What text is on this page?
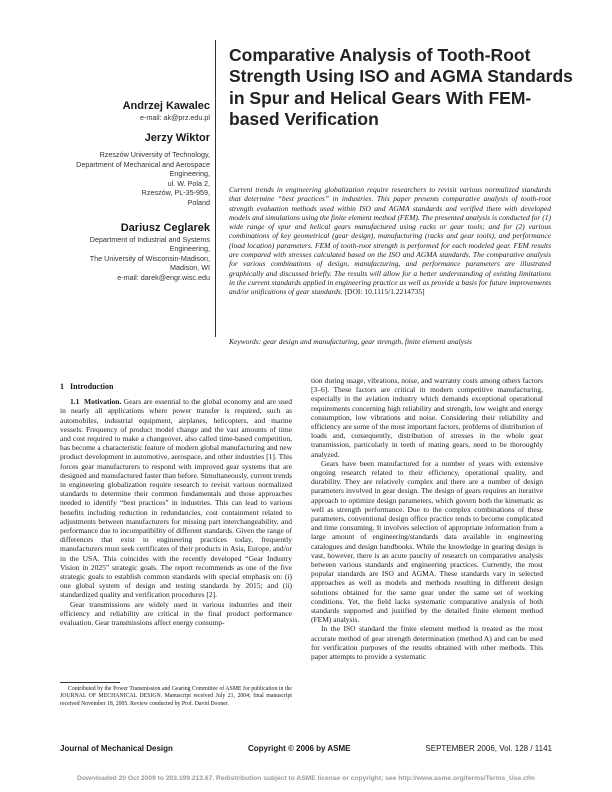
Comparative Analysis of Tooth-Root Strength Using ISO and AGMA Standards in Spur and Helical Gears With FEM-based Verification
Andrzej Kawalec
e-mail: ak@prz.edu.pl
Jerzy Wiktor
Rzeszów University of Technology,
Department of Mechanical and Aerospace
Engineering,
ul. W. Pola 2,
Rzeszów, PL-35-959,
Poland
Dariusz Ceglarek
Department of Industrial and Systems
Engineering,
The University of Wisconsin-Madison,
Madison, WI
e-mail: darek@engr.wisc.edu

Current trends in engineering globalization require researchers to revisit various normalized standards that determine “best practices” in industries. This paper presents comparative analysis of tooth-root strength evaluation methods used within ISO and AGMA standards and verified them with developed models and simulations using the finite element method (FEM). The presented analysis is conducted for (1) wide range of spur and helical gears manufactured using racks or gear tools; and for (2) various combinations of key geometrical (gear design), manufacturing (racks and gear tools), and performance (load location) parameters. FEM of tooth-root strength is performed for each modeled gear. FEM results are compared with stresses calculated based on the ISO and AGMA standards. The comparative analysis for various combinations of design, manufacturing, and performance parameters are illustrated graphically and discussed briefly. The results will allow for a better understanding of existing limitations in the current standards applied in engineering practice as well as provide a basis for future improvements and/or unifications of gear standards. [DOI: 10.1115/1.2214735]

Keywords: gear design and manufacturing, gear strength, finite element analysis

1 Introduction

1.1 Motivation. Gears are essential to the global economy and are used in nearly all applications where power transfer is required, such as automobiles, industrial equipment, airplanes, helicopters, and marine vessels. Frequency of product model change and the vast amounts of time and cost required to make a changeover, also called time-based competition, has become a characteristic feature of modern global manufacturing and new product development in automotive, aerospace, and other industries [1]. This forces gear manufacturers to respond with improved gear systems that are designed and manufactured faster than before. Simultaneously, current trends in engineering globalization require research to revisit various normalized standards to determine their common fundamentals and those approaches needed to identify “best practices” in industries. This can lead to various benefits including reduction in redundancies, cost containment related to adjustments between manufacturers for missing part interchangeability, and performance due to incompatibility of different standards. Given the range of differences that exist in engineering practices today, frequently manufacturers must seek certificates of their products in Asia, Europe, and/or in the USA. This coincides with the recently developed “Gear Industry Vision in 2025” strategic goals. The report recommends as one of the five strategic goals to establish common standards with special emphasis on: (i) one global system of design and testing standards by 2015; and (ii) standardized quality and verification procedures [2].

Gear transmissions are widely used in various industries and their efficiency and reliability are critical in the final product performance evaluation. Gear transmissions affect energy consump-

tion during usage, vibrations, noise, and warranty costs among others factors [3–6]. These factors are critical in modern competitive manufacturing, especially in the aviation industry which demands exceptional operational requirements concerning high reliability and strength, low weight and energy consumption, low vibrations and noise. Considering their reliability and efficiency are some of the most important factors, problems of distribution of loads and, consequently, distribution of stresses in the whole gear transmission, particularly in teeth of mating gears, need to be thoroughly analyzed.

Gears have been manufactured for a number of years with extensive ongoing research related to their efficiency, operational quality, and durability. They are relatively complex and there are a number of design parameters involved in gear design. The design of gears requires an iterative approach to optimize design parameters, which govern both the kinematic as well as strength performance. Due to the complex combinations of these parameters, conventional design office practice tends to become complicated and time consuming. It involves selection of appropriate information from a large amount of engineering/standards data available in engineering catalogues and design handbooks. While the knowledge in gearing design is vast, however, there is an acute paucity of research on comparative analysis between various standards and engineering practices. Currently, the most popular standards are ISO and AGMA. These standards vary in selected approaches as well as models and methods resulting in different design solutions obtained for the same gear under the same set of working conditions. Yet, the field lacks systematic comparative analysis of both standards supported and justified by the detailed finite element method (FEM) analysis.

In the ISO standard the finite element method is treated as the most accurate method of gear strength determination (method A) and can be used for verification purposes of the results obtained with other methods. This paper attempts to provide a systematic

Contributed by the Power Transmission and Gearing Committee of ASME for publication in the JOURNAL OF MECHANICAL DESIGN. Manuscript received July 21, 2004; final manuscript received November 18, 2005. Review conducted by Prof. David Dooner.

Journal of Mechanical Design	Copyright © 2006 by ASME	SEPTEMBER 2006, Vol. 128 / 1141
Downloaded 20 Oct 2009 to 203.199.213.67. Redistribution subject to ASME license or copyright; see http://www.asme.org/terms/Terms_Use.cfm
